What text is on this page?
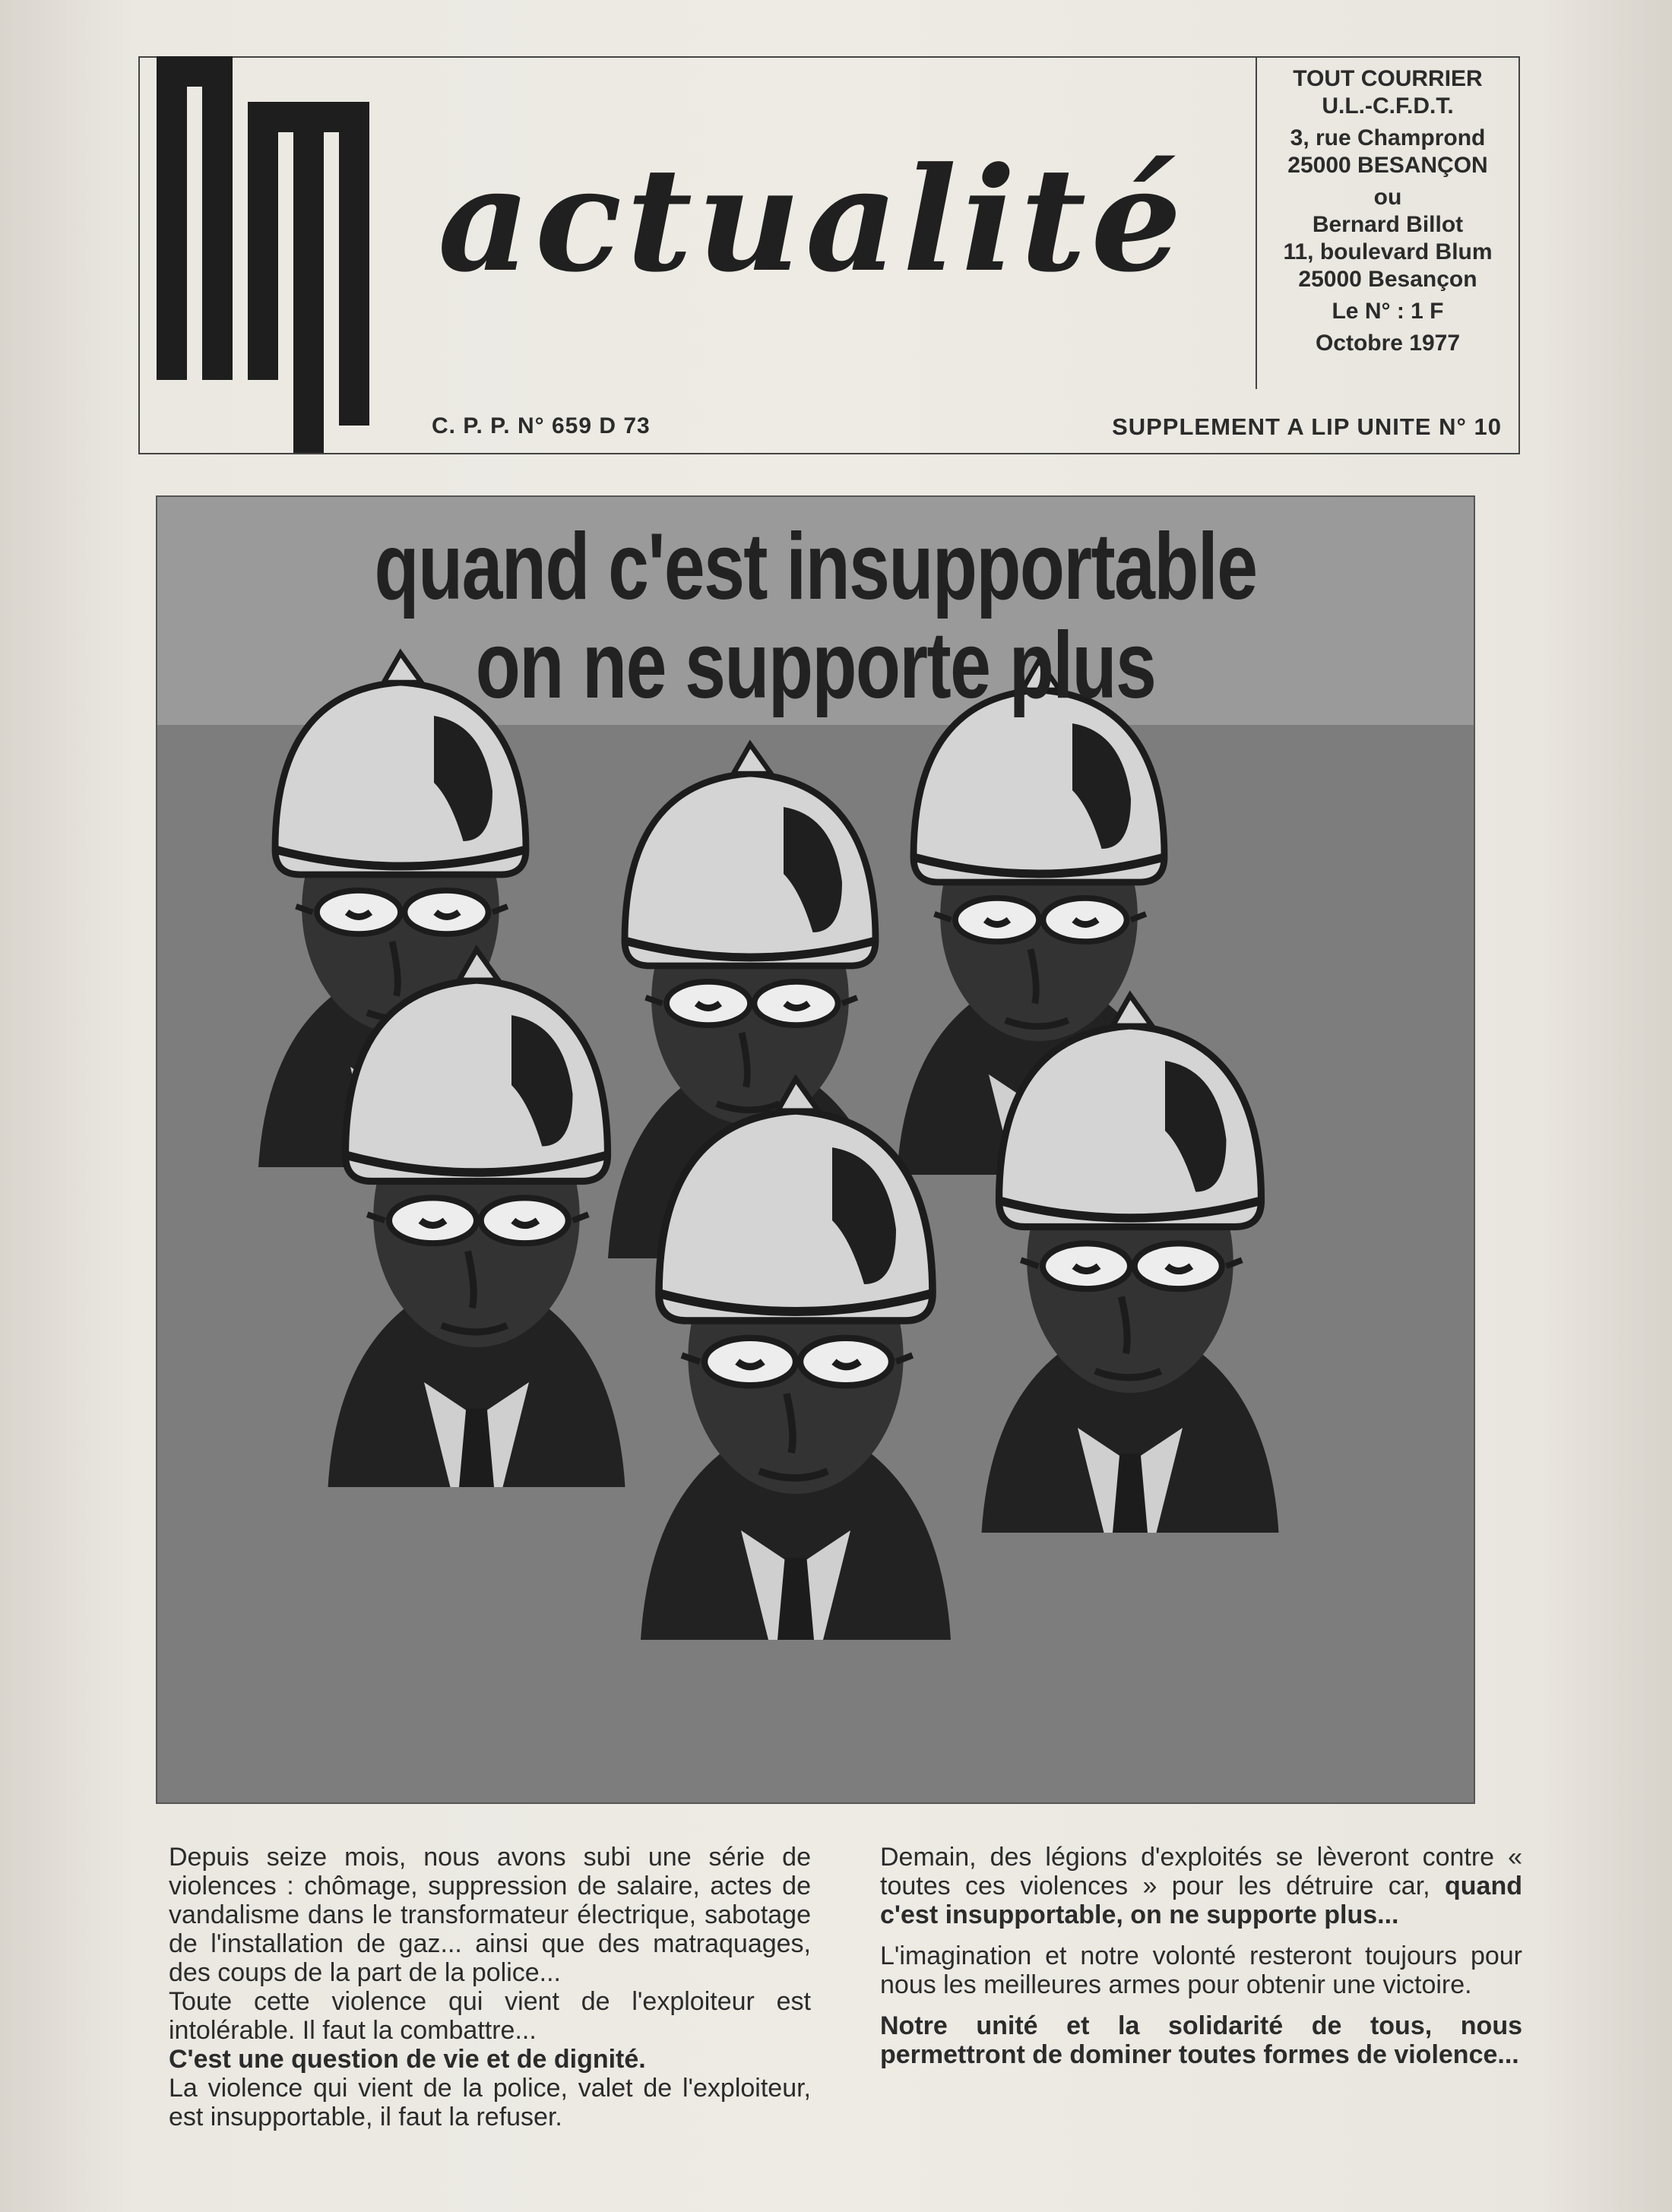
actualité
TOUT COURRIER
U.L.-C.F.D.T.
3, rue Champrond
25000 BESANÇON
ou
Bernard Billot
11, boulevard Blum
25000 Besançon
Le N° : 1 F
Octobre 1977
C. P. P. N° 659 D 73	SUPPLEMENT A LIP UNITE N° 10
quand c'est insupportable
on ne supporte plus

Depuis seize mois, nous avons subi une série de violences : chômage, suppression de salaire, actes de vandalisme dans le transformateur électrique, sabotage de l'installation de gaz... ainsi que des matraquages, des coups de la part de la police...

Toute cette violence qui vient de l'exploiteur est intolérable. Il faut la combattre...

C'est une question de vie et de dignité.

La violence qui vient de la police, valet de l'exploiteur, est insupportable, il faut la refuser.

Demain, des légions d'exploités se lèveront contre « toutes ces violences » pour les détruire car, quand c'est insupportable, on ne supporte plus...

L'imagination et notre volonté resteront toujours pour nous les meilleures armes pour obtenir une victoire.

Notre unité et la solidarité de tous, nous permettront de dominer toutes formes de violence...
